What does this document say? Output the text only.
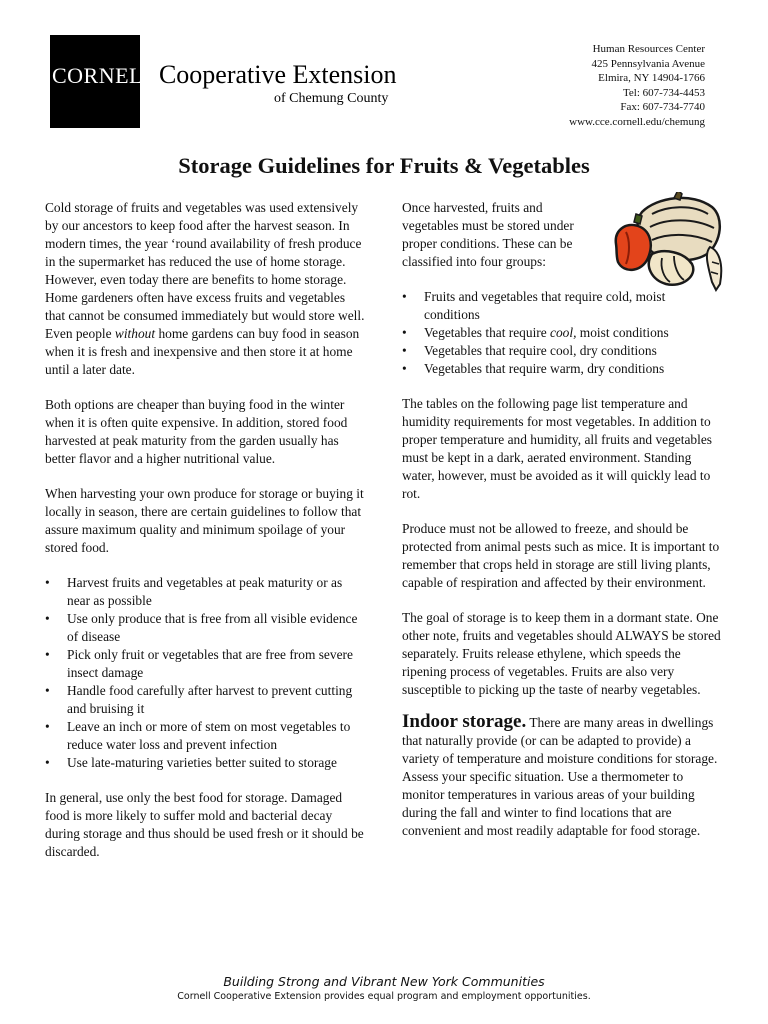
CORNELLCooperative Extension
of Chemung County
Human Resources Center
425 Pennsylvania Avenue
Elmira, NY 14904-1766
Tel: 607-734-4453
Fax: 607-734-7740
www.cce.cornell.edu/chemung
Storage Guidelines for Fruits & Vegetables

Cold storage of fruits and vegetables was used extensively by our ancestors to keep food after the harvest season. In modern times, the year ‘round availability of fresh produce in the supermarket has reduced the use of home storage. However, even today there are benefits to home storage. Home gardeners often have excess fruits and vegetables that cannot be consumed immediately but would store well. Even people without home gardens can buy food in season when it is fresh and inexpensive and then store it at home until a later date.

Both options are cheaper than buying food in the winter when it is often quite expensive. In addition, stored food harvested at peak maturity from the garden usually has better flavor and a higher nutritional value.

When harvesting your own produce for storage or buying it locally in season, there are certain guidelines to follow that assure maximum quality and minimum spoilage of your stored food.

• Harvest fruits and vegetables at peak maturity or as near as possible
• Use only produce that is free from all visible evidence of disease
• Pick only fruit or vegetables that are free from severe insect damage
• Handle food carefully after harvest to prevent cutting and bruising it
• Leave an inch or more of stem on most vegetables to reduce water loss and prevent infection
• Use late-maturing varieties better suited to storage

In general, use only the best food for storage. Damaged food is more likely to suffer mold and bacterial decay during storage and thus should be used fresh or it should be discarded.

Once harvested, fruits and vegetables must be stored under proper conditions. These can be classified into four groups:

• Fruits and vegetables that require cold, moist conditions
• Vegetables that require cool, moist conditions
• Vegetables that require cool, dry conditions
• Vegetables that require warm, dry conditions

The tables on the following page list temperature and humidity requirements for most vegetables. In addition to proper temperature and humidity, all fruits and vegetables must be kept in a dark, aerated environment. Standing water, however, must be avoided as it will quickly lead to rot.

Produce must not be allowed to freeze, and should be protected from animal pests such as mice. It is important to remember that crops held in storage are still living plants, capable of respiration and affected by their environment.

The goal of storage is to keep them in a dormant state. One other note, fruits and vegetables should ALWAYS be stored separately. Fruits release ethylene, which speeds the ripening process of vegetables. Fruits are also very susceptible to picking up the taste of nearby vegetables.

Indoor storage. There are many areas in dwellings that naturally provide (or can be adapted to provide) a variety of temperature and moisture conditions for storage. Assess your specific situation. Use a thermometer to monitor temperatures in various areas of your building during the fall and winter to find locations that are convenient and most readily adaptable for food storage.

Building Strong and Vibrant New York Communities
Cornell Cooperative Extension provides equal program and employment opportunities.
